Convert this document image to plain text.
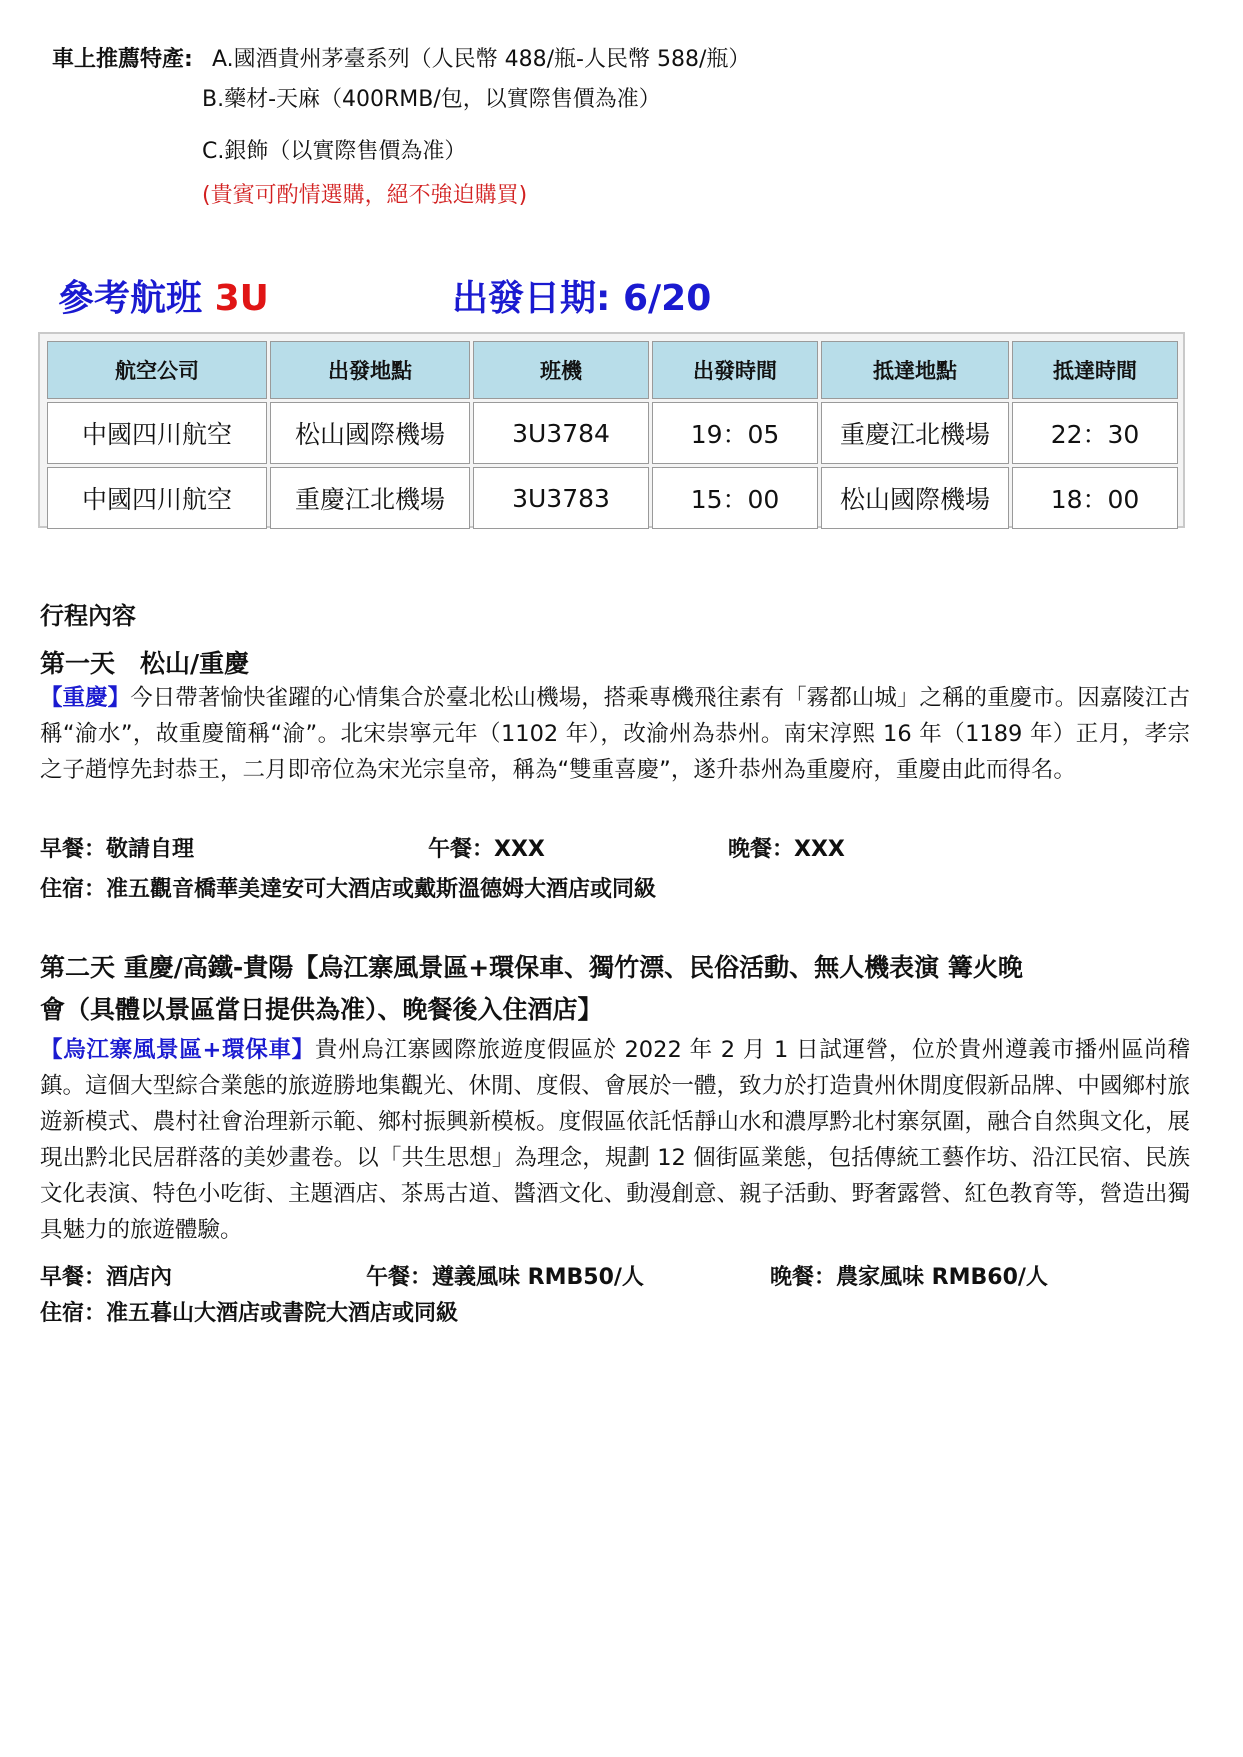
車上推薦特產: A.國酒貴州茅臺系列（人民幣 488/瓶-人民幣 588/瓶）
B.藥材-天麻（400RMB/包，以實際售價為准）
C.銀飾（以實際售價為准）
(貴賓可酌情選購，絕不強迫購買)
參考航班 3U	出發日期: 6/20
航空公司	出發地點	班機	出發時間	抵達地點	抵達時間
中國四川航空	松山國際機場	3U3784	19：05	重慶江北機場	22：30
中國四川航空	重慶江北機場	3U3783	15：00	松山國際機場	18：00
行程內容
第一天　松山/重慶
【重慶】今日帶著愉快雀躍的心情集合於臺北松山機場，搭乘專機飛往素有「霧都山城」之稱的重慶市。因嘉陵江古稱“渝水”，故重慶簡稱“渝”。北宋崇寧元年（1102 年），改渝州為恭州。南宋淳熙 16 年（1189 年）正月，孝宗之子趙惇先封恭王，二月即帝位為宋光宗皇帝，稱為“雙重喜慶”，遂升恭州為重慶府，重慶由此而得名。
早餐：敬請自理	午餐：XXX	晚餐：XXX
住宿：准五觀音橋華美達安可大酒店或戴斯溫德姆大酒店或同級
第二天 重慶/高鐵-貴陽【烏江寨風景區+環保車、獨竹漂、民俗活動、無人機表演 篝火晚
會（具體以景區當日提供為准）、晚餐後入住酒店】
【烏江寨風景區+環保車】貴州烏江寨國際旅遊度假區於 2022 年 2 月 1 日試運營，位於貴州遵義市播州區尚稽鎮。這個大型綜合業態的旅遊勝地集觀光、休閒、度假、會展於一體，致力於打造貴州休閒度假新品牌、中國鄉村旅遊新模式、農村社會治理新示範、鄉村振興新模板。度假區依託恬靜山水和濃厚黔北村寨氛圍，融合自然與文化，展現出黔北民居群落的美妙畫卷。以「共生思想」為理念，規劃 12 個街區業態，包括傳統工藝作坊、沿江民宿、民族文化表演、特色小吃街、主題酒店、茶馬古道、醬酒文化、動漫創意、親子活動、野奢露營、紅色教育等，營造出獨具魅力的旅遊體驗。
早餐：酒店內	午餐：遵義風味 RMB50/人	晚餐：農家風味 RMB60/人
住宿：准五暮山大酒店或書院大酒店或同級
